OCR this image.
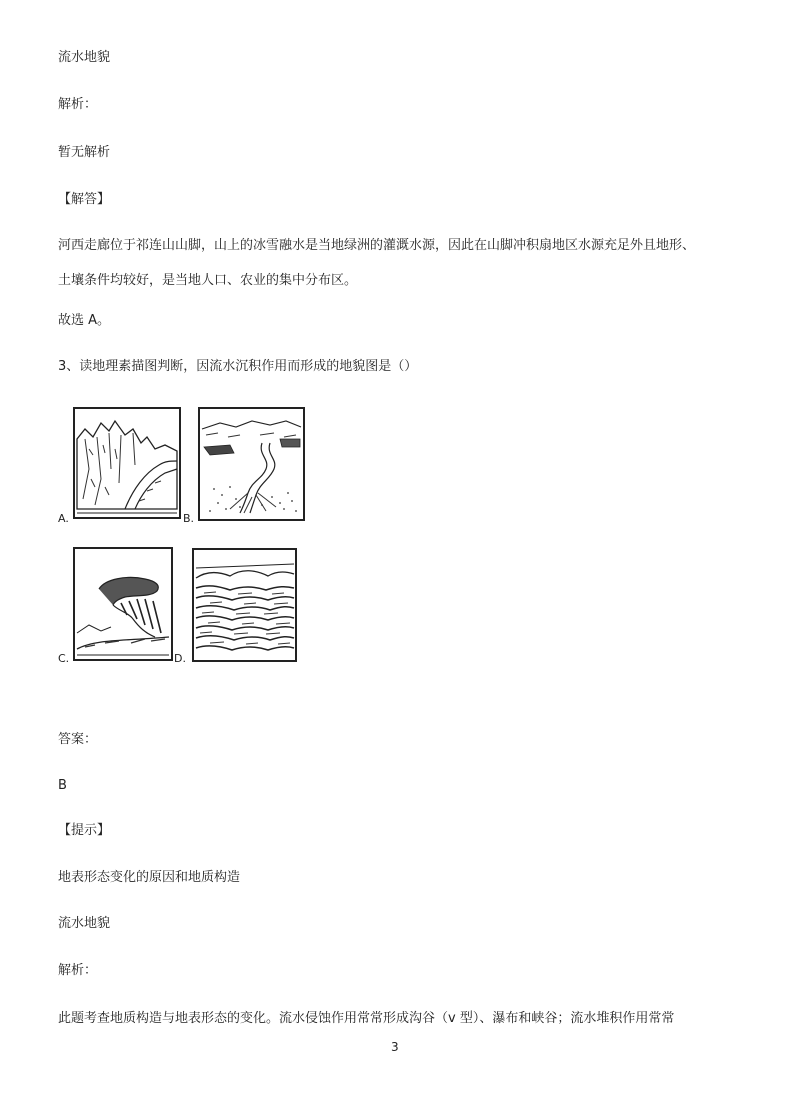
流水地貌
解析：
暂无解析
【解答】
河西走廊位于祁连山山脚，山上的冰雪融水是当地绿洲的灌溉水源，因此在山脚冲积扇地区水源充足外且地形、
土壤条件均较好，是当地人口、农业的集中分布区。
故选 A。
3、读地理素描图判断，因流水沉积作用而形成的地貌图是（）
A.	B.
C.	D.
答案：
B
【提示】
地表形态变化的原因和地质构造
流水地貌
解析：
此题考查地质构造与地表形态的变化。流水侵蚀作用常常形成沟谷（v 型）、瀑布和峡谷；流水堆积作用常常
3
